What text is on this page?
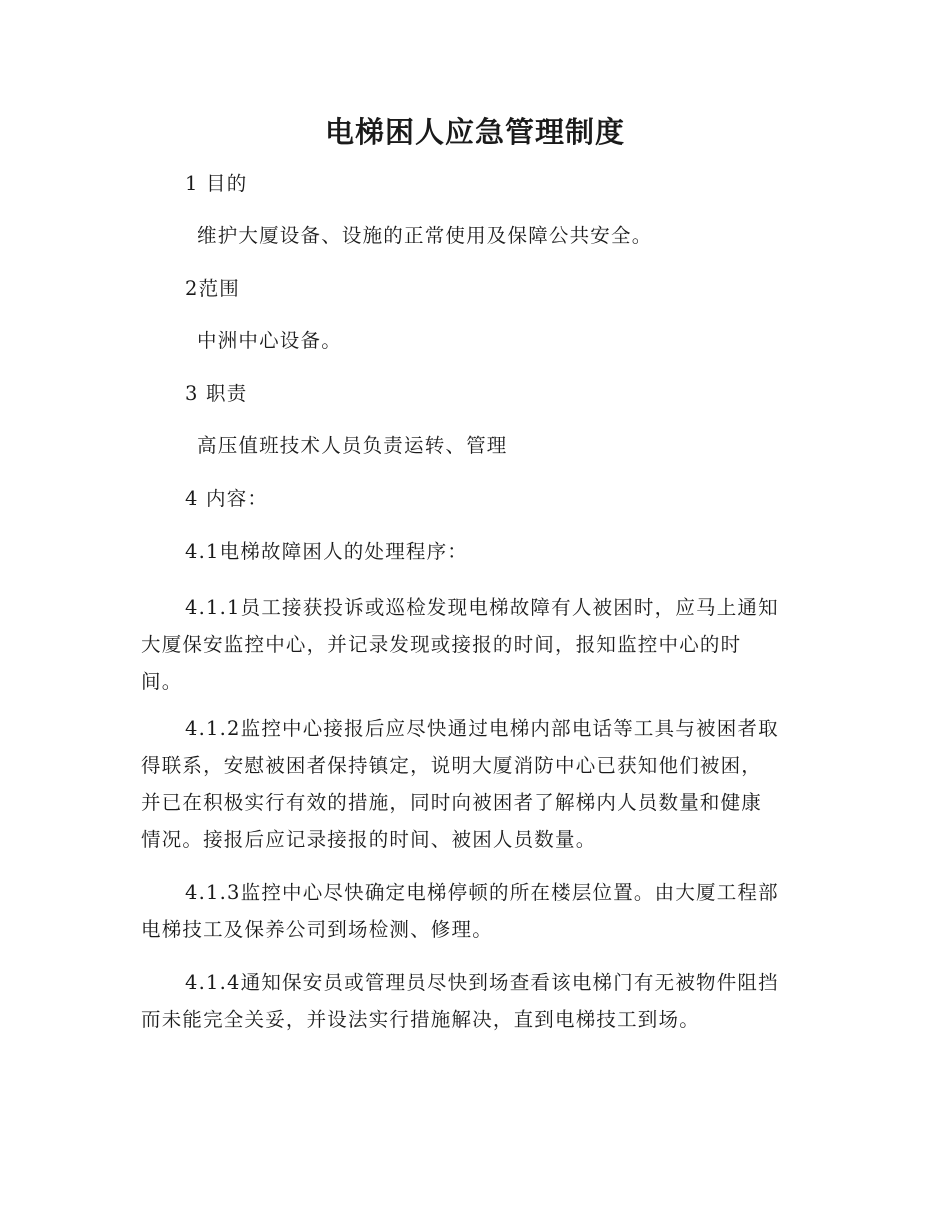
电梯困人应急管理制度
1 目的
维护大厦设备、设施的正常使用及保障公共安全。
2范围
中洲中心设备。
3 职责
高压值班技术人员负责运转、管理
4 内容：
4.1电梯故障困人的处理程序：
4.1.1员工接获投诉或巡检发现电梯故障有人被困时，应马上通知
大厦保安监控中心，并记录发现或接报的时间，报知监控中心的时
间。
4.1.2监控中心接报后应尽快通过电梯内部电话等工具与被困者取
得联系，安慰被困者保持镇定，说明大厦消防中心已获知他们被困，
并已在积极实行有效的措施，同时向被困者了解梯内人员数量和健康
情况。接报后应记录接报的时间、被困人员数量。
4.1.3监控中心尽快确定电梯停顿的所在楼层位置。由大厦工程部
电梯技工及保养公司到场检测、修理。
4.1.4通知保安员或管理员尽快到场查看该电梯门有无被物件阻挡
而未能完全关妥，并设法实行措施解决，直到电梯技工到场。
